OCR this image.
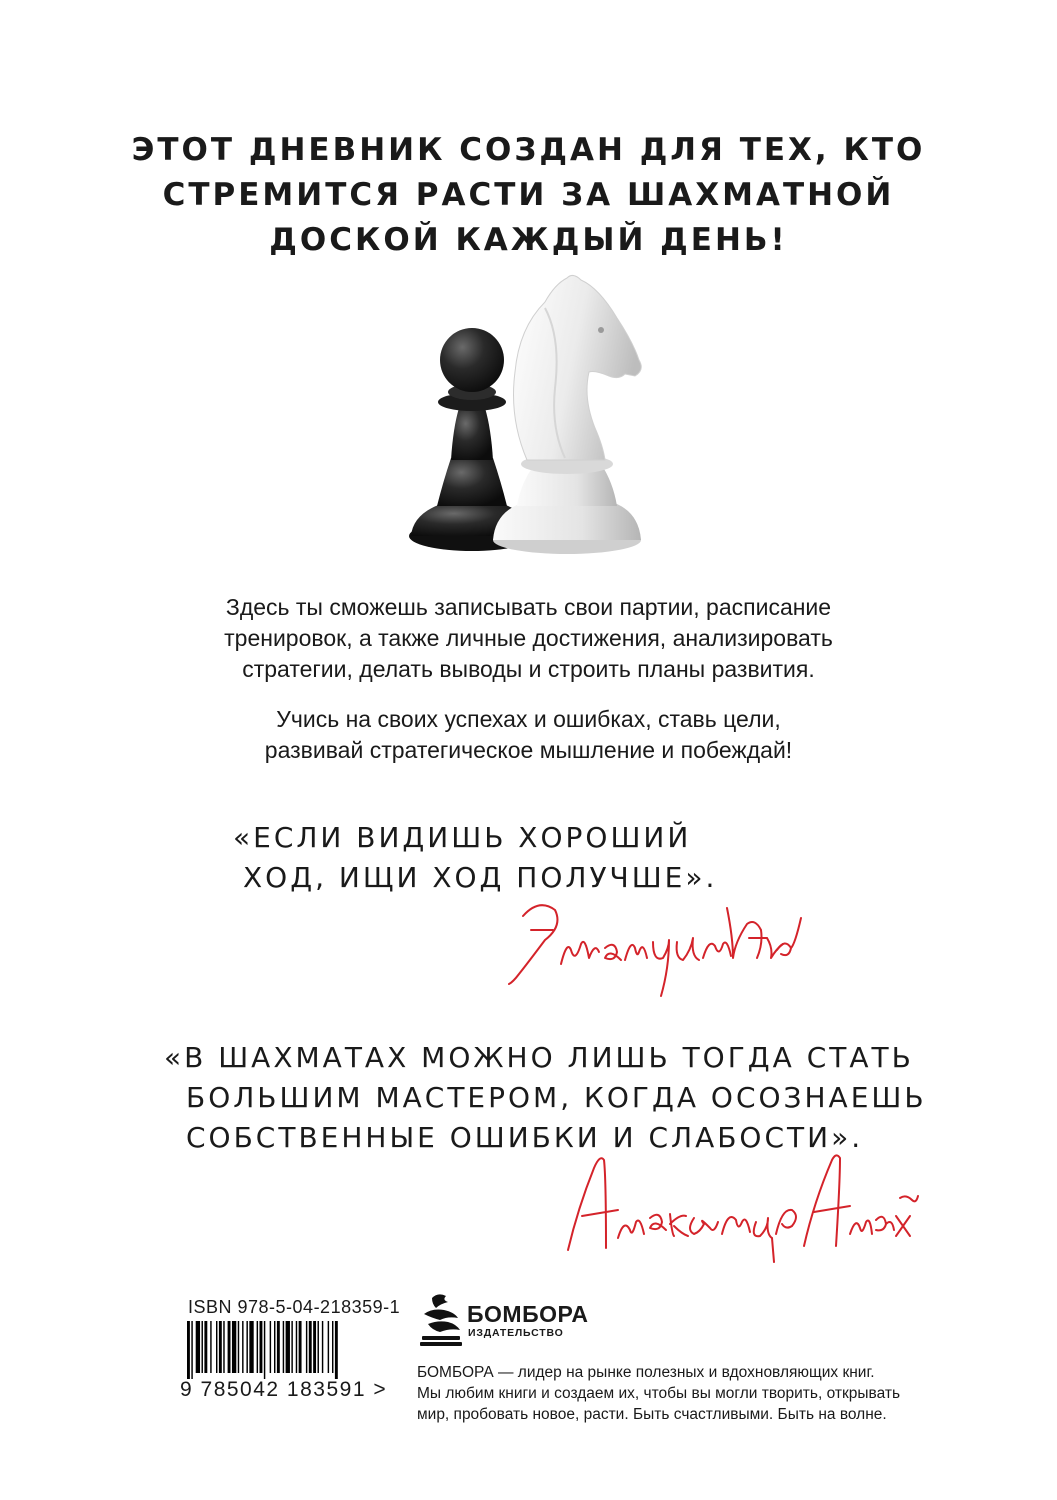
ЭТОТ ДНЕВНИК СОЗДАН ДЛЯ ТЕХ, КТО
СТРЕМИТСЯ РАСТИ ЗА ШАХМАТНОЙ
ДОСКОЙ КАЖДЫЙ ДЕНЬ!
Здесь ты сможешь записывать свои партии, расписание
тренировок, а также личные достижения, анализировать
стратегии, делать выводы и строить планы развития.
Учись на своих успехах и ошибках, ставь цели,
развивай стратегическое мышление и побеждай!
«ЕСЛИ ВИДИШЬ ХОРОШИЙ
ХОД, ИЩИ ХОД ПОЛУЧШЕ».
«В ШАХМАТАХ МОЖНО ЛИШЬ ТОГДА СТАТЬ
БОЛЬШИМ МАСТЕРОМ, КОГДА ОСОЗНАЕШЬ
СОБСТВЕННЫЕ ОШИБКИ И СЛАБОСТИ».
ISBN 978-5-04-218359-1
9 785042 183591 >
БОМБОРА
ИЗДАТЕЛЬСТВО
БОМБОРА — лидер на рынке полезных и вдохновляющих книг.
Мы любим книги и создаем их, чтобы вы могли творить, открывать
мир, пробовать новое, расти. Быть счастливыми. Быть на волне.
